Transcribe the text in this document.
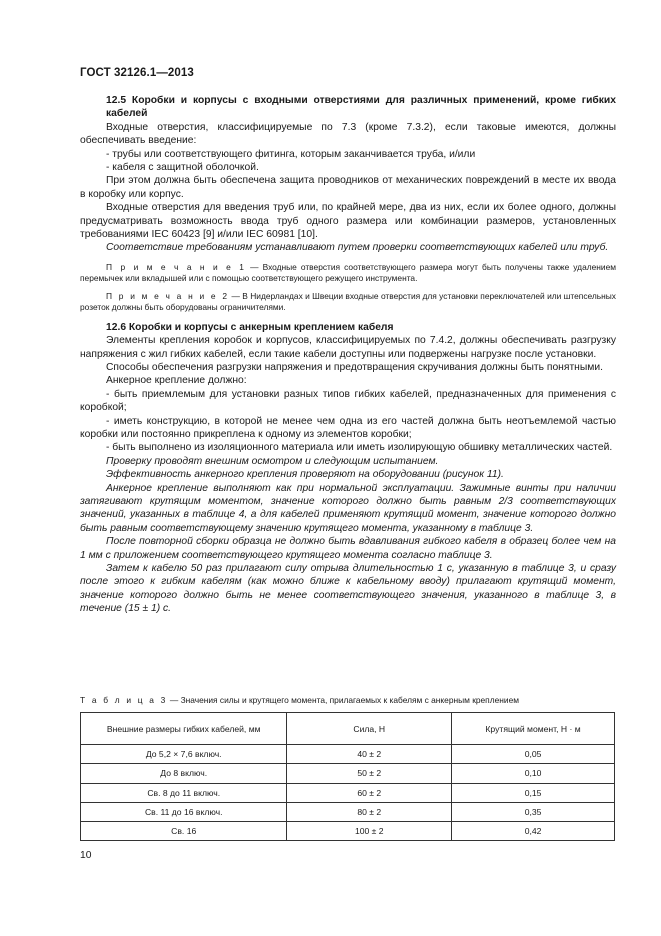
ГОСТ 32126.1—2013

12.5 Коробки и корпусы с входными отверстиями для различных применений, кроме гибких кабелей

Входные отверстия, классифицируемые по 7.3 (кроме 7.3.2), если таковые имеются, должны обеспечивать введение:

- трубы или соответствующего фитинга, которым заканчивается труба, и/или

- кабеля с защитной оболочкой.

При этом должна быть обеспечена защита проводников от механических повреждений в месте их ввода в коробку или корпус.

Входные отверстия для введения труб или, по крайней мере, два из них, если их более одного, должны предусматривать возможность ввода труб одного размера или комбинации размеров, установленных требованиями IEC 60423 [9] и/или IEC 60981 [10].

Соответствие требованиям устанавливают путем проверки соответствующих кабелей или труб.

П р и м е ч а н и е 1 — Входные отверстия соответствующего размера могут быть получены также удалением перемычек или вкладышей или с помощью соответствующего режущего инструмента.

П р и м е ч а н и е 2 — В Нидерландах и Швеции входные отверстия для установки переключателей или штепсельных розеток должны быть оборудованы ограничителями.

12.6 Коробки и корпусы с анкерным креплением кабеля

Элементы крепления коробок и корпусов, классифицируемых по 7.4.2, должны обеспечивать разгрузку напряжения с жил гибких кабелей, если такие кабели доступны или подвержены нагрузке после установки.

Способы обеспечения разгрузки напряжения и предотвращения скручивания должны быть понятными.

Анкерное крепление должно:

- быть приемлемым для установки разных типов гибких кабелей, предназначенных для применения с коробкой;

- иметь конструкцию, в которой не менее чем одна из его частей должна быть неотъемлемой частью коробки или постоянно прикреплена к одному из элементов коробки;

- быть выполнено из изоляционного материала или иметь изолирующую обшивку металлических частей.

Проверку проводят внешним осмотром и следующим испытанием.

Эффективность анкерного крепления проверяют на оборудовании (рисунок 11).

Анкерное крепление выполняют как при нормальной эксплуатации. Зажимные винты при наличии затягивают крутящим моментом, значение которого должно быть равным 2/3 соответствующих значений, указанных в таблице 4, а для кабелей применяют крутящий момент, значение которого должно быть равным соответствующему значению крутящего момента, указанному в таблице 3.

После повторной сборки образца не должно быть вдавливания гибкого кабеля в образец более чем на 1 мм с приложением соответствующего крутящего момента согласно таблице 3.

Затем к кабелю 50 раз прилагают силу отрыва длительностью 1 с, указанную в таблице 3, и сразу после этого к гибким кабелям (как можно ближе к кабельному вводу) прилагают крутящий момент, значение которого должно быть не менее соответствующего значения, указанного в таблице 3, в течение (15 ± 1) с.

Т а б л и ц а 3 — Значения силы и крутящего момента, прилагаемых к кабелям с анкерным креплением
Внешние размеры гибких кабелей, мм	Сила, Н	Крутящий момент, Н · м
До 5,2 × 7,6 включ.	40 ± 2	0,05
До 8 включ.	50 ± 2	0,10
Св. 8 до 11 включ.	60 ± 2	0,15
Св. 11 до 16 включ.	80 ± 2	0,35
Св. 16	100 ± 2	0,42
10
